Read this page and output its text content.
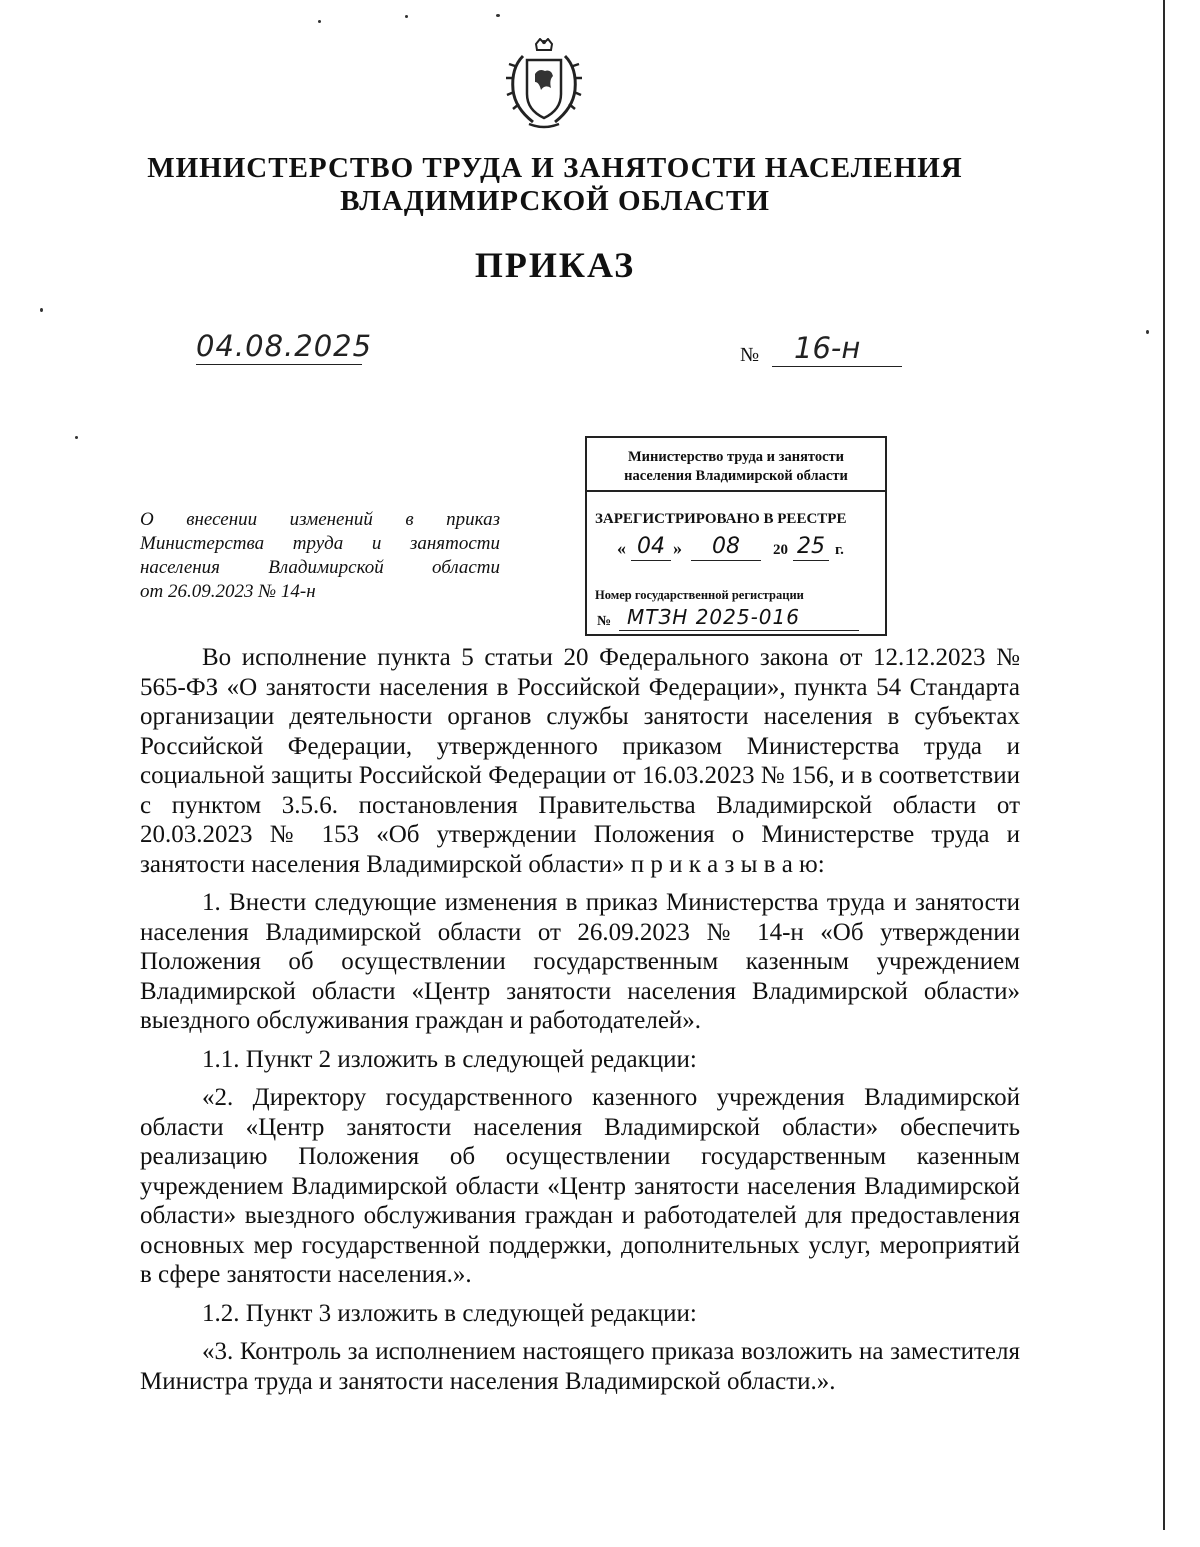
МИНИСТЕРСТВО ТРУДА И ЗАНЯТОСТИ НАСЕЛЕНИЯ
ВЛАДИМИРСКОЙ ОБЛАСТИ
ПРИКАЗ
04.08.2025	№	16-н
Министерство труда и занятости
населения Владимирской области
ЗАРЕГИСТРИРОВАНО В РЕЕСТРЕ
« 04 »	08	20 25 г.
Номер государственной регистрации
№ МТЗН 2025-016
О внесении изменений в приказ
Министерства труда и занятости
населения Владимирской области
от 26.09.2023 № 14-н

Во исполнение пункта 5 статьи 20 Федерального закона от 12.12.2023 № 565-ФЗ «О занятости населения в Российской Федерации», пункта 54 Стандарта организации деятельности органов службы занятости населения в субъектах Российской Федерации, утвержденного приказом Министерства труда и социальной защиты Российской Федерации от 16.03.2023 № 156, и в соответствии с пунктом 3.5.6. постановления Правительства Владимирской области от 20.03.2023 № 153 «Об утверждении Положения о Министерстве труда и занятости населения Владимирской области» п р и к а з ы в а ю:

1. Внести следующие изменения в приказ Министерства труда и занятости населения Владимирской области от 26.09.2023 № 14-н «Об утверждении Положения об осуществлении государственным казенным учреждением Владимирской области «Центр занятости населения Владимирской области» выездного обслуживания граждан и работодателей».

1.1. Пункт 2 изложить в следующей редакции:

«2. Директору государственного казенного учреждения Владимирской области «Центр занятости населения Владимирской области» обеспечить реализацию Положения об осуществлении государственным казенным учреждением Владимирской области «Центр занятости населения Владимирской области» выездного обслуживания граждан и работодателей для предоставления основных мер государственной поддержки, дополнительных услуг, мероприятий в сфере занятости населения.».

1.2. Пункт 3 изложить в следующей редакции:

«3. Контроль за исполнением настоящего приказа возложить на заместителя Министра труда и занятости населения Владимирской области.».
